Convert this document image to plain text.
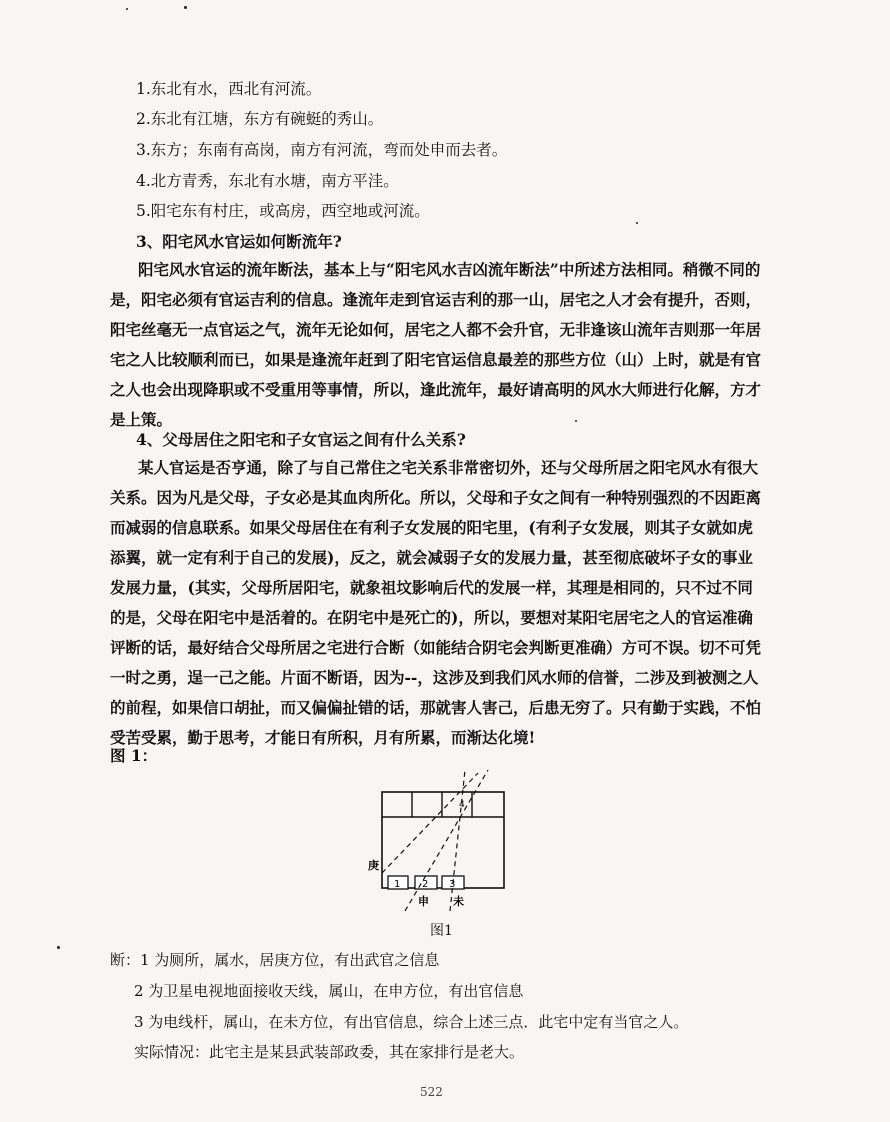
1.东北有水，西北有河流。
2.东北有江塘，东方有碗蜓的秀山。
3.东方；东南有高岗，南方有河流，弯而处申而去者。
4.北方青秀，东北有水塘，南方平洼。
5.阳宅东有村庄，或高房，西空地或河流。
3、阳宅风水官运如何断流年?
阳宅风水官运的流年断法，基本上与“阳宅风水吉凶流年断法”中所述方法相同。稍微不同的是，阳宅必须有官运吉利的信息。逢流年走到官运吉利的那一山，居宅之人才会有提升，否则，阳宅丝毫无一点官运之气，流年无论如何，居宅之人都不会升官，无非逢该山流年吉则那一年居宅之人比较顺利而已，如果是逢流年赶到了阳宅官运信息最差的那些方位（山）上时，就是有官之人也会出现降职或不受重用等事情，所以，逢此流年，最好请高明的风水大师进行化解，方才是上策。
4、父母居住之阳宅和子女官运之间有什么关系?
某人官运是否亨通，除了与自己常住之宅关系非常密切外，还与父母所居之阳宅风水有很大关系。因为凡是父母，子女必是其血肉所化。所以，父母和子女之间有一种特别强烈的不因距离而减弱的信息联系。如果父母居住在有利子女发展的阳宅里，(有利子女发展，则其子女就如虎添翼，就一定有利于自己的发展)，反之，就会减弱子女的发展力量，甚至彻底破坏子女的事业发展力量，(其实，父母所居阳宅，就象祖坟影响后代的发展一样，其理是相同的，只不过不同的是，父母在阳宅中是活着的。在阴宅中是死亡的)，所以，要想对某阳宅居宅之人的官运准确评断的话，最好结合父母所居之宅进行合断（如能结合阴宅会判断更准确）方可不误。切不可凭一时之勇，逞一己之能。片面不断语，因为--，这涉及到我们风水师的信誉，二涉及到被测之人的前程，如果信口胡扯，而又偏偏扯错的话，那就害人害己，后患无穷了。只有勤于实践，不怕受苦受累，勤于思考，才能日有所积，月有所累，而渐达化境!
图 1：
1 2 3
4
庚
申 未
图1
断：1 为厕所，属水，居庚方位，有出武官之信息
2 为卫星电视地面接收天线，属山，在申方位，有出官信息
3 为电线杆，属山，在未方位，有出官信息，综合上述三点．此宅中定有当官之人。
实际情况：此宅主是某县武装部政委，其在家排行是老大。
522
